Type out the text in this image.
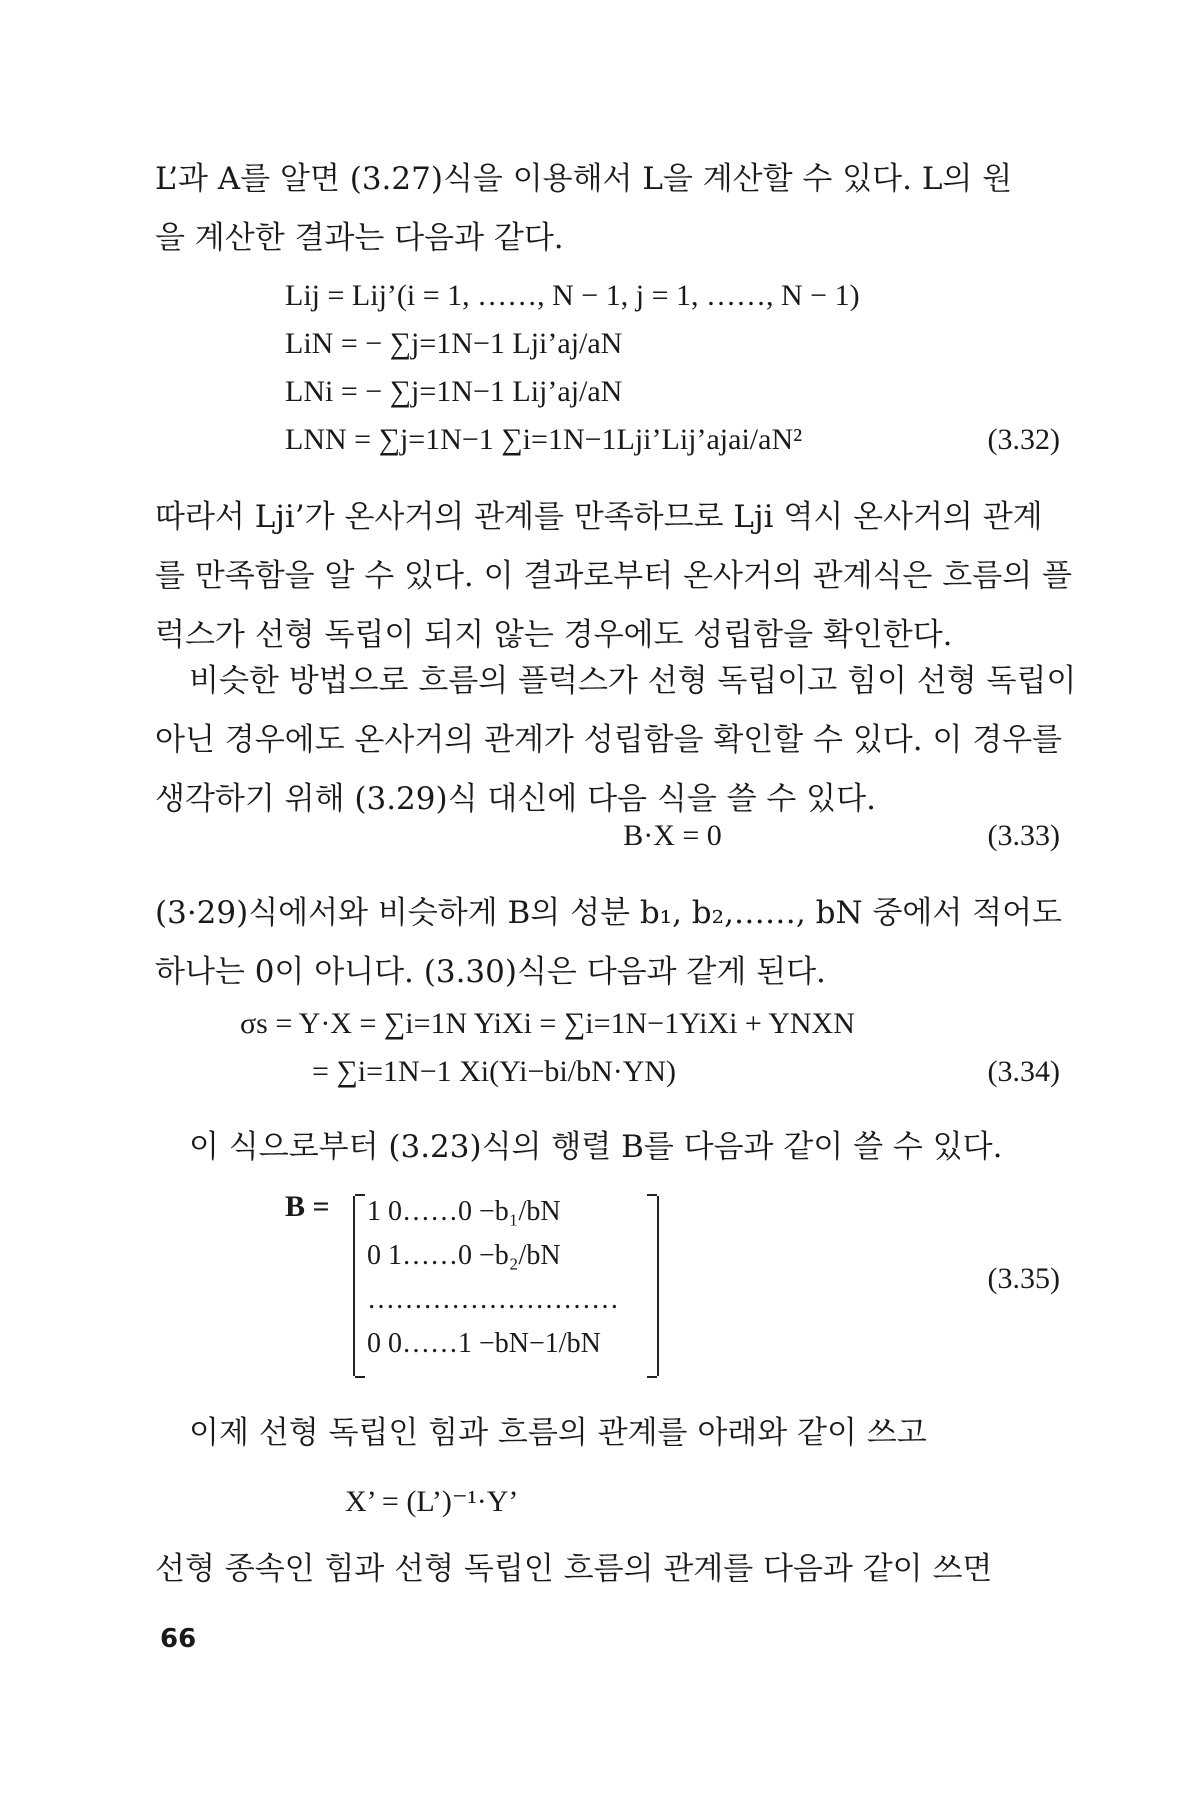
L’과 A를 알면 (3.27)식을 이용해서 L을 계산할 수 있다. L의 원
을 계산한 결과는 다음과 같다.
Lij = Lij’(i = 1, ……, N − 1, j = 1, ……, N − 1)
LiN = − ∑j=1N−1 Lji’aj/aN
LNi = − ∑j=1N−1 Lij’aj/aN
LNN = ∑j=1N−1 ∑i=1N−1Lji’Lij’ajai/aN²	(3.32)
따라서 Lji’가 온사거의 관계를 만족하므로 Lji 역시 온사거의 관계
를 만족함을 알 수 있다. 이 결과로부터 온사거의 관계식은 흐름의 플
럭스가 선형 독립이 되지 않는 경우에도 성립함을 확인한다.
비슷한 방법으로 흐름의 플럭스가 선형 독립이고 힘이 선형 독립이
아닌 경우에도 온사거의 관계가 성립함을 확인할 수 있다. 이 경우를
생각하기 위해 (3.29)식 대신에 다음 식을 쓸 수 있다.
B·X = 0	(3.33)
(3·29)식에서와 비슷하게 B의 성분 b₁, b₂,……, bN 중에서 적어도
하나는 0이 아니다. (3.30)식은 다음과 같게 된다.
σs = Y·X = ∑i=1N YiXi = ∑i=1N−1YiXi + YNXN
= ∑i=1N−1 Xi(Yi−bi/bN·YN)	(3.34)
이 식으로부터 (3.23)식의 행렬 B를 다음과 같이 쓸 수 있다.
B = 1 0……0 −b₁/bN
0 1……0 −b₂/bN
………………………
0 0……1 −bN−1/bN
(3.35)
이제 선형 독립인 힘과 흐름의 관계를 아래와 같이 쓰고
X’ = (L’)⁻¹·Y’
선형 종속인 힘과 선형 독립인 흐름의 관계를 다음과 같이 쓰면
66
